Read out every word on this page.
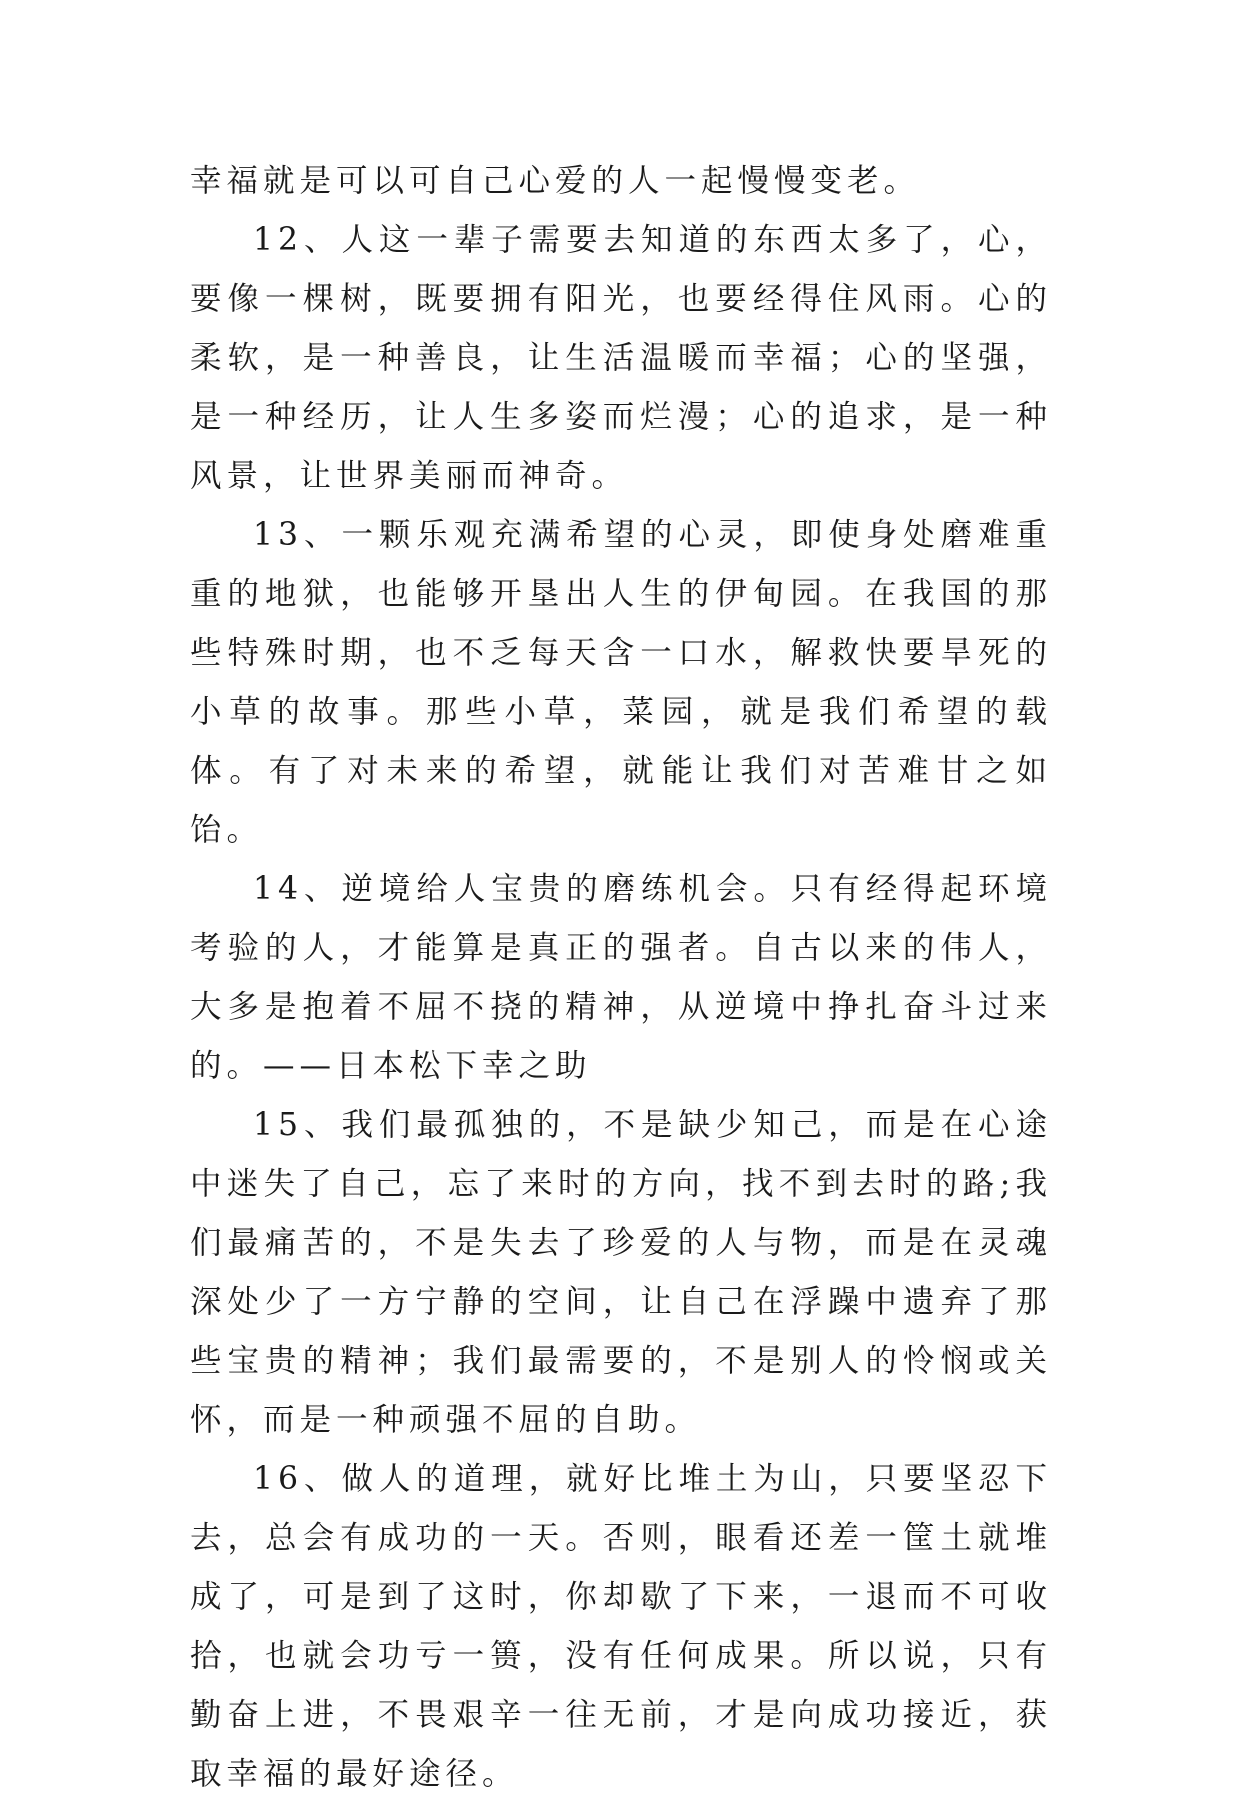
幸福就是可以可自己心爱的人一起慢慢变老。

12、人这一辈子需要去知道的东西太多了，心，要像一棵树，既要拥有阳光，也要经得住风雨。心的柔软，是一种善良，让生活温暖而幸福；心的坚强，是一种经历，让人生多姿而烂漫；心的追求，是一种风景，让世界美丽而神奇。

13、一颗乐观充满希望的心灵，即使身处磨难重重的地狱，也能够开垦出人生的伊甸园。在我国的那些特殊时期，也不乏每天含一口水，解救快要旱死的小草的故事。那些小草，菜园，就是我们希望的载体。有了对未来的希望，就能让我们对苦难甘之如饴。

14、逆境给人宝贵的磨练机会。只有经得起环境考验的人，才能算是真正的强者。自古以来的伟人，大多是抱着不屈不挠的精神，从逆境中挣扎奋斗过来的。——日本松下幸之助

15、我们最孤独的，不是缺少知己，而是在心途中迷失了自己，忘了来时的方向，找不到去时的路;我们最痛苦的，不是失去了珍爱的人与物，而是在灵魂深处少了一方宁静的空间，让自己在浮躁中遗弃了那些宝贵的精神；我们最需要的，不是别人的怜悯或关怀，而是一种顽强不屈的自助。

16、做人的道理，就好比堆土为山，只要坚忍下去，总会有成功的一天。否则，眼看还差一筐土就堆成了，可是到了这时，你却歇了下来，一退而不可收拾，也就会功亏一篑，没有任何成果。所以说，只有勤奋上进，不畏艰辛一往无前，才是向成功接近，获取幸福的最好途径。
